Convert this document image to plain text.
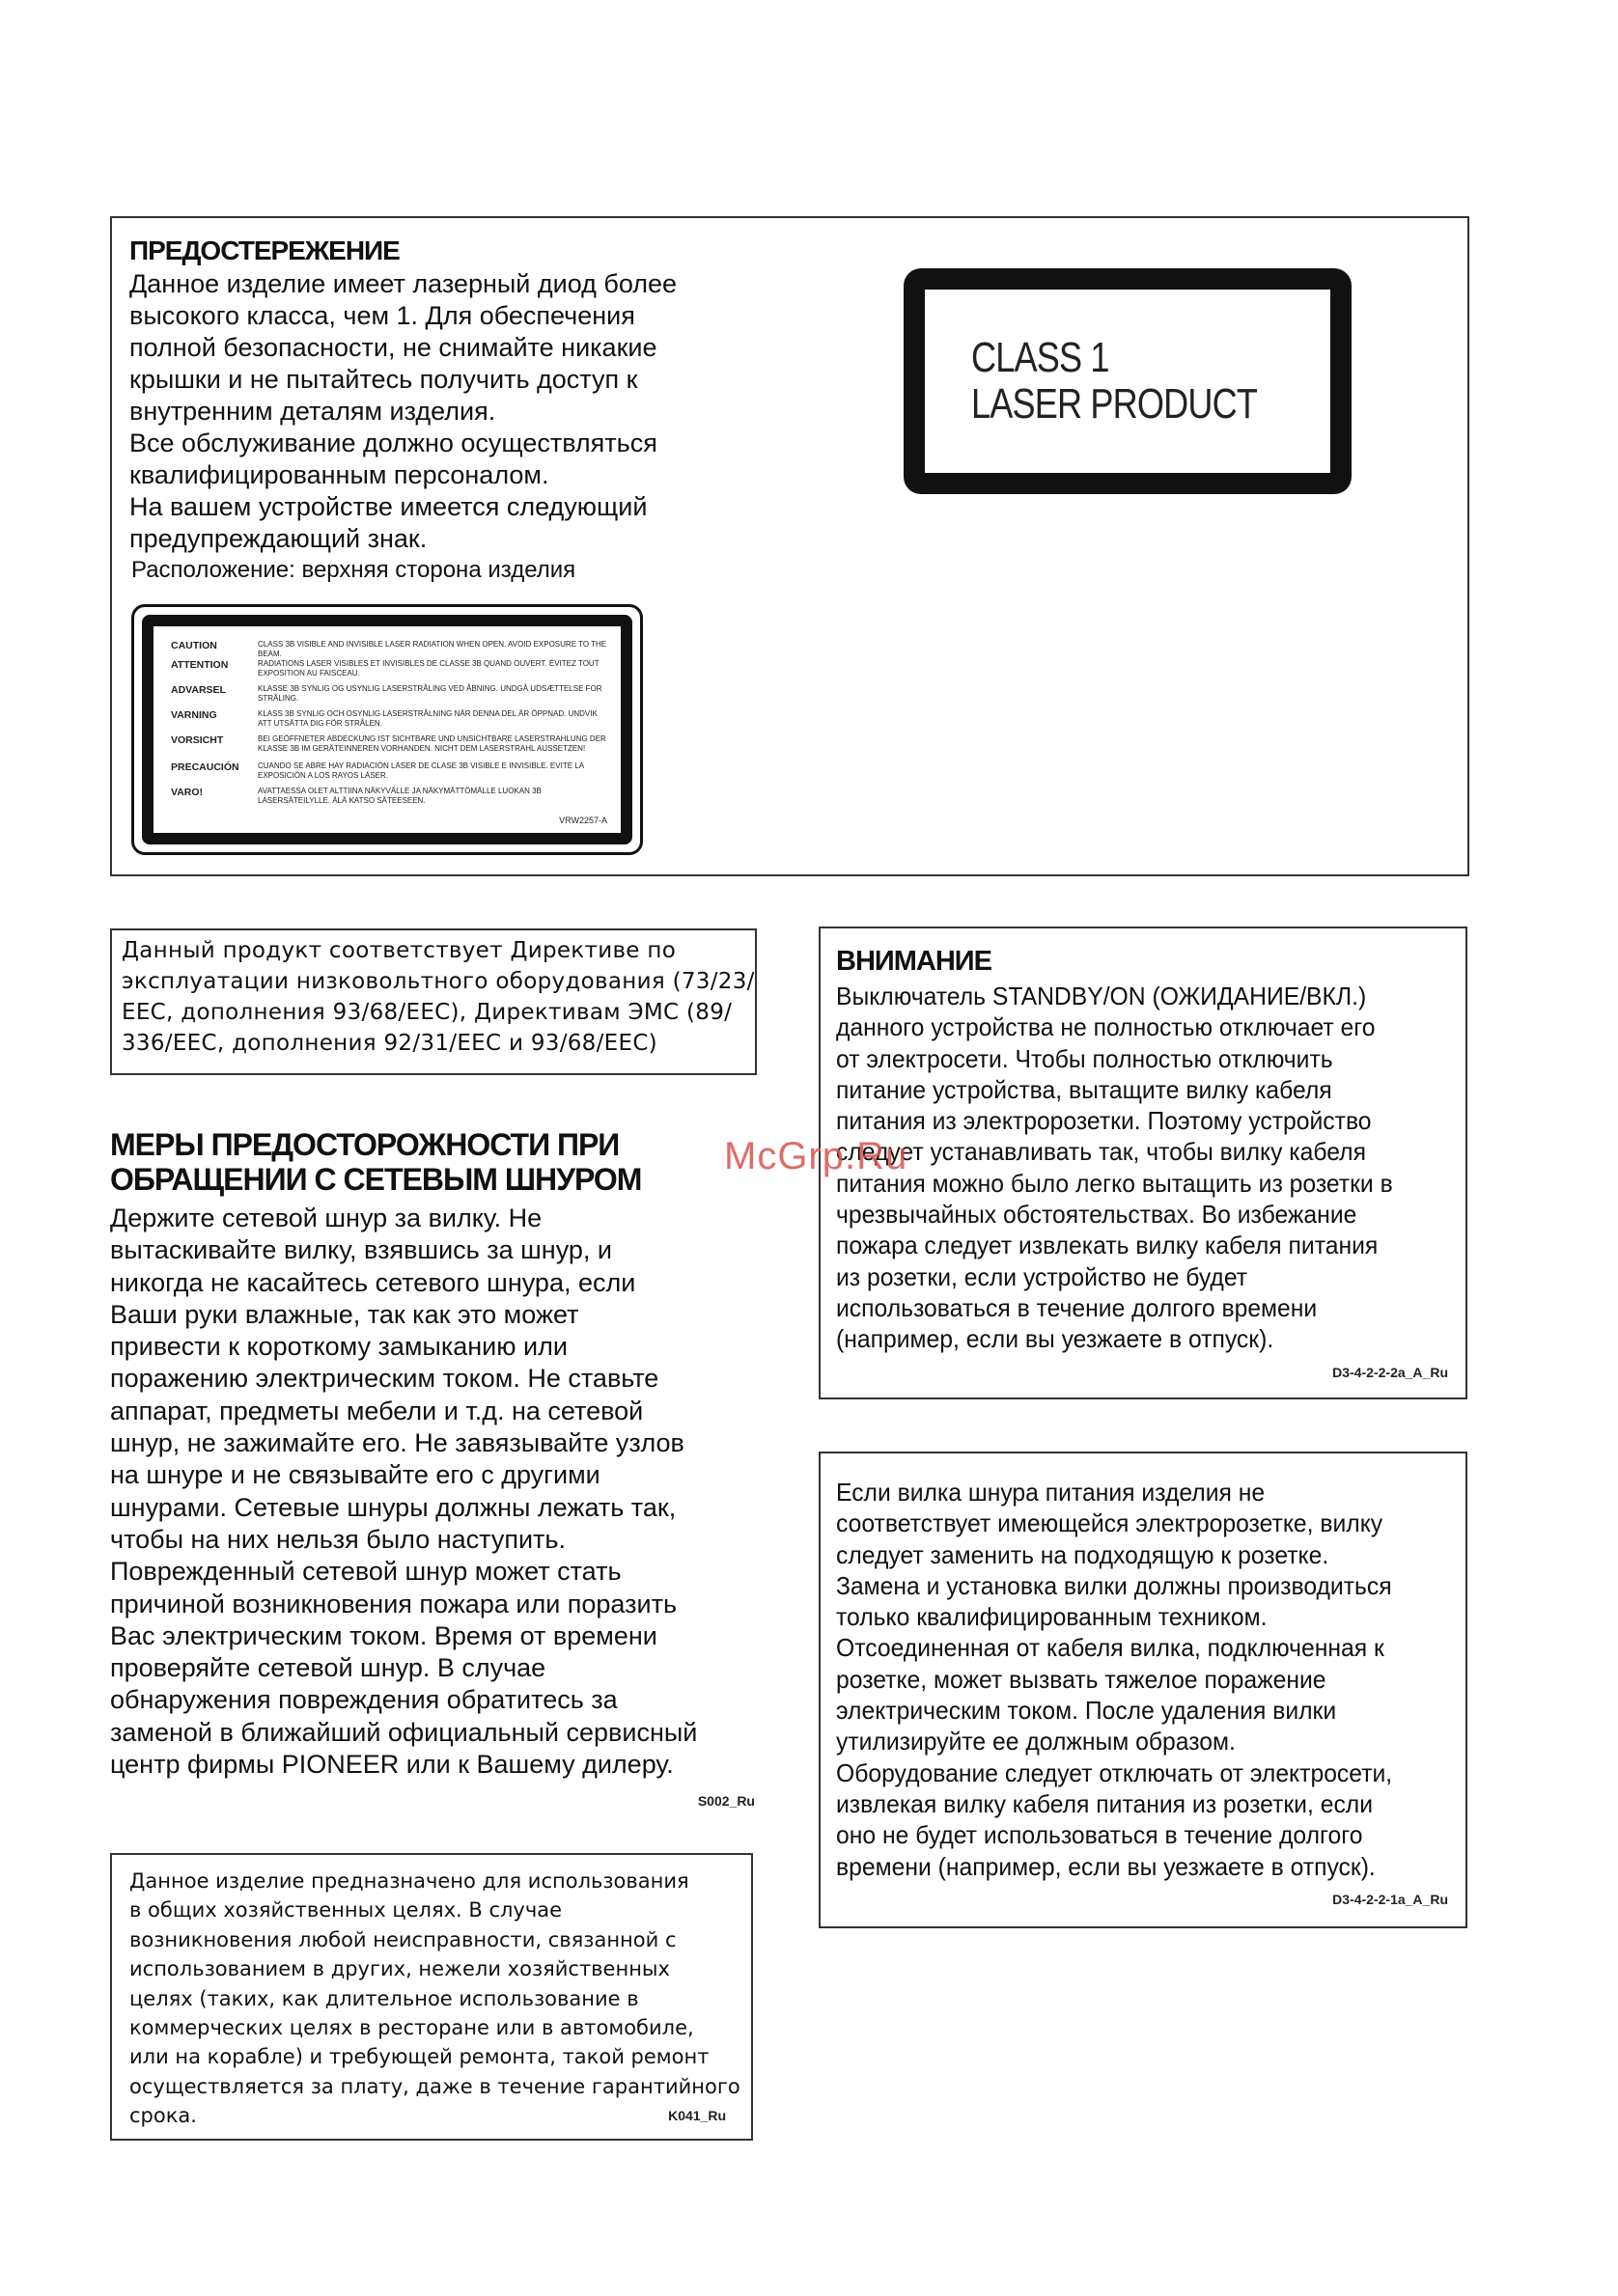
ПРЕДОСТЕРЕЖЕНИЕ

Данное изделие имеет лазерный диод более
высокого класса, чем 1. Для обеспечения
полной безопасности, не снимайте никакие
крышки и не пытайтесь получить доступ к
внутренним деталям изделия.
Все обслуживание должно осуществляться
квалифицированным персоналом.
На вашем устройстве имеется следующий
предупреждающий знак.

Расположение: верхняя сторона изделия

CAUTION	CLASS 3B VISIBLE AND INVISIBLE LASER RADIATION WHEN OPEN. AVOID EXPOSURE TO THE BEAM.
ATTENTION	RADIATIONS LASER VISIBLES ET INVISIBLES DE CLASSE 3B QUAND OUVERT. ÉVITEZ TOUT EXPOSITION AU FAISCEAU.
ADVARSEL	KLASSE 3B SYNLIG OG USYNLIG LASERSTRÅLING VED ÅBNING. UNDGÅ UDSÆTTELSE FOR STRÅLING.
VARNING	KLASS 3B SYNLIG OCH OSYNLIG LASERSTRÅLNING NÄR DENNA DEL ÄR ÖPPNAD. UNDVIK ATT UTSÄTTA DIG FÖR STRÅLEN.
VORSICHT	BEI GEÖFFNETER ABDECKUNG IST SICHTBARE UND UNSICHTBARE LASERSTRAHLUNG DER KLASSE 3B IM GERÄTEINNEREN VORHANDEN. NICHT DEM LASERSTRAHL AUSSETZEN!
PRECAUCIÓN	CUANDO SE ABRE HAY RADIACIÓN LÁSER DE CLASE 3B VISIBLE E INVISIBLE. EVITE LA EXPOSICIÓN A LOS RAYOS LÁSER.
VARO!	AVATTAESSA OLET ALTTIINA NÄKYVÄLLE JA NÄKYMÄTTÖMÄLLE LUOKAN 3B LASERSÄTEILYLLE. ÄLÄ KATSO SÄTEESEEN.
VRW2257-A
CLASS 1
LASER PRODUCT

Данный продукт соответствует Директиве по
эксплуатации низковольтного оборудования (73/23/
EEC, дополнения 93/68/EEC), Директивам ЭМС (89/
336/EEC, дополнения 92/31/EEC и 93/68/EEC)

МЕРЫ ПРЕДОСТОРОЖНОСТИ ПРИ
ОБРАЩЕНИИ С СЕТЕВЫМ ШНУРОМ

Держите сетевой шнур за вилку. Не
вытаскивайте вилку, взявшись за шнур, и
никогда не касайтесь сетевого шнура, если
Ваши руки влажные, так как это может
привести к короткому замыканию или
поражению электрическим током. Не ставьте
аппарат, предметы мебели и т.д. на сетевой
шнур, не зажимайте его. Не завязывайте узлов
на шнуре и не связывайте его с другими
шнурами. Сетевые шнуры должны лежать так,
чтобы на них нельзя было наступить.
Поврежденный сетевой шнур может стать
причиной возникновения пожара или поразить
Вас электрическим током. Время от времени
проверяйте сетевой шнур. В случае
обнаружения повреждения обратитесь за
заменой в ближайший официальный сервисный
центр фирмы PIONEER или к Вашему дилеру.

S002_Ru

Данное изделие предназначено для использования
в общих хозяйственных целях. В случае
возникновения любой неисправности, связанной с
использованием в других, нежели хозяйственных
целях (таких, как длительное использование в
коммерческих целях в ресторане или в автомобиле,
или на корабле) и требующей ремонта, такой ремонт
осуществляется за плату, даже в течение гарантийного
срока.	K041_Ru
ВНИМАНИЕ

Выключатель STANDBY/ON (ОЖИДАНИЕ/ВКЛ.)
данного устройства не полностью отключает его
от электросети. Чтобы полностью отключить
питание устройства, вытащите вилку кабеля
питания из электророзетки. Поэтому устройство
следует устанавливать так, чтобы вилку кабеля
питания можно было легко вытащить из розетки в
чрезвычайных обстоятельствах. Во избежание
пожара следует извлекать вилку кабеля питания
из розетки, если устройство не будет
использоваться в течение долгого времени
(например, если вы уезжаете в отпуск).

D3-4-2-2-2a_A_Ru

Если вилка шнура питания изделия не
соответствует имеющейся электророзетке, вилку
следует заменить на подходящую к розетке.
Замена и установка вилки должны производиться
только квалифицированным техником.
Отсоединенная от кабеля вилка, подключенная к
розетке, может вызвать тяжелое поражение
электрическим током. После удаления вилки
утилизируйте ее должным образом.
Оборудование следует отключать от электросети,
извлекая вилку кабеля питания из розетки, если
оно не будет использоваться в течение долгого
времени (например, если вы уезжаете в отпуск).

D3-4-2-2-1a_A_Ru
McGrp.Ru
